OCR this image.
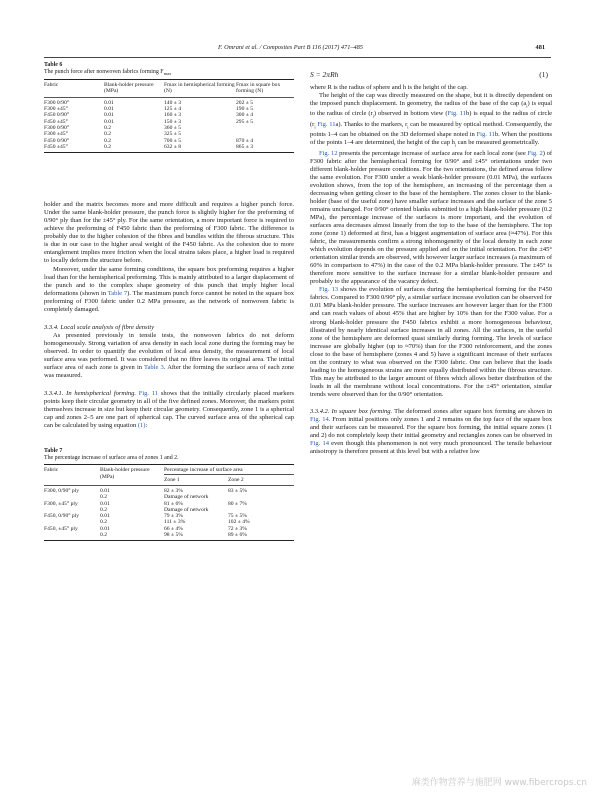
F. Omrani et al. / Composites Part B 116 (2017) 471–485	481
Table 6
The punch force after nonwoven fabrics forming $F_{max}$
Fabric	Blank-holder pressure (MPa)	Fmax in hemispherical forming (N)	Fmax in square box forming (N)
F300 0/90°	0.01	140 ± 3	202 ± 5
F300 ±45°	0.01	125 ± 4	190 ± 5
F450 0/90°	0.01	160 ± 3	300 ± 4
F450 ±45°	0.01	150 ± 3	295 ± 5
F300 0/90°	0.2	360 ± 5	
F300 ±45°	0.2	325 ± 5	
F450 0/90°	0.2	700 ± 5	870 ± 4
F450 ±45°	0.2	632 ± 8	865 ± 3

holder and the matrix becomes more and more difficult and requires a higher punch force. Under the same blank-holder pressure, the punch force is slightly higher for the preforming of 0/90° ply than for the ±45° ply. For the same orientation, a more important force is required to achieve the preforming of F450 fabric than the preforming of F300 fabric. The difference is probably due to the higher cohesion of the fibres and bundles within the fibrous structure. This is due in our case to the higher areal weight of the F450 fabric. As the cohesion due to more entanglement implies more friction when the local strains takes place, a higher load is required to locally deform the structure before.

Moreover, under the same forming conditions, the square box preforming requires a higher load than for the hemispherical preforming. This is mainly attributed to a larger displacement of the punch and to the complex shape geometry of this punch that imply higher local deformations (shown in Table 7). The maximum punch force cannot be noted in the square box preforming of F300 fabric under 0.2 MPa pressure, as the network of nonwoven fabric is completely damaged.

3.3.4. Local scale analysis of fibre density

As presented previously in tensile tests, the nonwoven fabrics do not deform homogeneously. Strong variation of area density in each local zone during the forming may be observed. In order to quantify the evolution of local area density, the measurement of local surface area was performed. It was considered that no fibre leaves its original area. The initial surface area of each zone is given in Table 3. After the forming the surface area of each zone was measured.

3.3.4.1. In hemispherical forming. Fig. 11 shows that the initially circularly placed markers points keep their circular geometry in all of the five defined zones. Moreover, the markers point themselves increase in size but keep their circular geometry. Consequently, zone 1 is a spherical cap and zones 2–5 are one part of spherical cap. The curved surface area of the spherical cap can be calculated by using equation (1):

Table 7
The percentage increase of surface area of zones 1 and 2.
Fabric	Blank-holder pressure (MPa)	Percentage increase of surface area	
		Zone 1	Zone 2
F300, 0/90° ply	0.01	82 ± 3%	83 ± 5%
	0.2	Damage of network	
F300, ±45° ply	0.01	81 ± 6%	80 ± 7%
	0.2	Damage of network	
F450, 0/90° ply	0.01	79 ± 3%	75 ± 5%
	0.2	111 ± 3%	102 ± 4%
F450, ±45° ply	0.01	66 ± 4%	72 ± 3%
	0.2	98 ± 5%	89 ± 6%
S = 2πRh	(1)

where R is the radius of sphere and h is the height of the cap.

The height of the cap was directly measured on the shape, but it is directly dependent on the imposed punch displacement. In geometry, the radius of the base of the cap $(a_i)$ is equal to the radius of circle $(r_i)$ observed in bottom view (Fig. 11b) is equal to the radius of circle ($r_i$ Fig. 11a). Thanks to the markers, $r_i$ can be measured by optical method. Consequently, the points 1–4 can be obtained on the 3D deformed shape noted in Fig. 11b. When the positions of the points 1–4 are determined, the height of the cap $h_i$ can be measured geometrically.

Fig. 12 presents the percentage increase of surface area for each local zone (see Fig. 2) of F300 fabric after the hemispherical forming for 0/90° and ±45° orientations under two different blank-holder pressure conditions. For the two orientations, the defined areas follow the same evolution. For F300 under a weak blank-holder pressure (0.01 MPa), the surfaces evolution shows, from the top of the hemisphere, an increasing of the percentage then a decreasing when getting closer to the base of the hemisphere. The zones closer to the blank-holder (base of the useful zone) have smaller surface increases and the surface of the zone 5 remains unchanged. For 0/90° oriented blanks submitted to a high blank-holder pressure (0.2 MPa), the percentage increase of the surfaces is more important, and the evolution of surfaces area decreases almost linearly from the top to the base of the hemisphere. The top zone (zone 1) deformed at first, has a biggest augmentation of surface area (≈47%). For this fabric, the measurements confirm a strong inhomogeneity of the local density in each zone which evolution depends on the pressure applied and on the initial orientation. For the ±45° orientation similar trends are observed, with however larger surface increases (a maximum of 60% in comparison to 47%) in the case of the 0.2 MPa blank-holder pressure. The ±45° is therefore more sensitive to the surface increase for a similar blank-holder pressure and probably to the appearance of the vacancy defect.

Fig. 13 shows the evolution of surfaces during the hemispherical forming for the F450 fabrics. Compared to F300 0/90° ply, a similar surface increase evolution can be observed for 0.01 MPa blank-holder pressure. The surface increases are however larger than for the F300 and can reach values of about 45% that are higher by 10% than for the F300 value. For a strong blank-holder pressure the F450 fabrics exhibit a more homogeneous behaviour, illustrated by nearly identical surface increases in all zones. All the surfaces, in the useful zone of the hemisphere are deformed quasi similarly during forming. The levels of surface increase are globally higher (up to ≈70%) than for the F300 reinforcement, and the zones close to the base of hemisphere (zones 4 and 5) have a significant increase of their surfaces on the contrary to what was observed on the F300 fabric. One can believe that the loads leading to the homogeneous strains are more equally distributed within the fibrous structure. This may be attributed to the larger amount of fibres which allows better distribution of the loads in all the membrane without local concentrations. For the ±45° orientation, similar trends were observed than for the 0/90° orientation.

3.3.4.2. In square box forming. The deformed zones after square box forming are shown in Fig. 14. From initial positions only zones 1 and 2 remains on the top face of the square box and their surfaces can be measured. For the square box forming, the initial square zones (1 and 2) do not completely keep their initial geometry and rectangles zones can be observed in Fig. 14 even though this phenomenon is not very much pronounced. The tensile behaviour anisotropy is therefore present at this level but with a relative low

麻类作物营养与施肥网 www.fibercrops.cn
